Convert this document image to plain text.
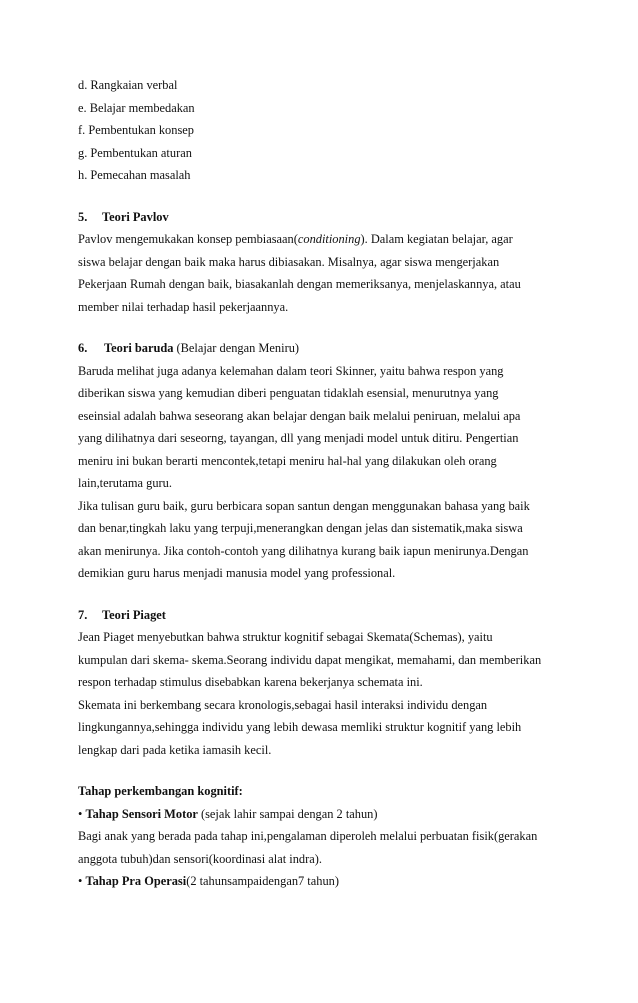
d. Rangkaian verbal
e. Belajar membedakan
f. Pembentukan konsep
g. Pembentukan aturan
h. Pemecahan masalah
5. Teori Pavlov
Pavlov mengemukakan konsep pembiasaan(conditioning). Dalam kegiatan belajar, agar
siswa belajar dengan baik maka harus dibiasakan. Misalnya, agar siswa mengerjakan
Pekerjaan Rumah dengan baik, biasakanlah dengan memeriksanya, menjelaskannya, atau
member nilai terhadap hasil pekerjaannya.
6. Teori baruda (Belajar dengan Meniru)
Baruda melihat juga adanya kelemahan dalam teori Skinner, yaitu bahwa respon yang
diberikan siswa yang kemudian diberi penguatan tidaklah esensial, menurutnya yang
eseinsial adalah bahwa seseorang akan belajar dengan baik melalui peniruan, melalui apa
yang dilihatnya dari seseorng, tayangan, dll yang menjadi model untuk ditiru. Pengertian
meniru ini bukan berarti mencontek,tetapi meniru hal-hal yang dilakukan oleh orang
lain,terutama guru.
Jika tulisan guru baik, guru berbicara sopan santun dengan menggunakan bahasa yang baik
dan benar,tingkah laku yang terpuji,menerangkan dengan jelas dan sistematik,maka siswa
akan menirunya. Jika contoh-contoh yang dilihatnya kurang baik iapun menirunya.Dengan
demikian guru harus menjadi manusia model yang professional.
7. Teori Piaget
Jean Piaget menyebutkan bahwa struktur kognitif sebagai Skemata(Schemas), yaitu
kumpulan dari skema- skema.Seorang individu dapat mengikat, memahami, dan memberikan
respon terhadap stimulus disebabkan karena bekerjanya schemata ini.
Skemata ini berkembang secara kronologis,sebagai hasil interaksi individu dengan
lingkungannya,sehingga individu yang lebih dewasa memliki struktur kognitif yang lebih
lengkap dari pada ketika iamasih kecil.
Tahap perkembangan kognitif:
• Tahap Sensori Motor (sejak lahir sampai dengan 2 tahun)
Bagi anak yang berada pada tahap ini,pengalaman diperoleh melalui perbuatan fisik(gerakan
anggota tubuh)dan sensori(koordinasi alat indra).
• Tahap Pra Operasi(2 tahunsampaidengan7 tahun)
